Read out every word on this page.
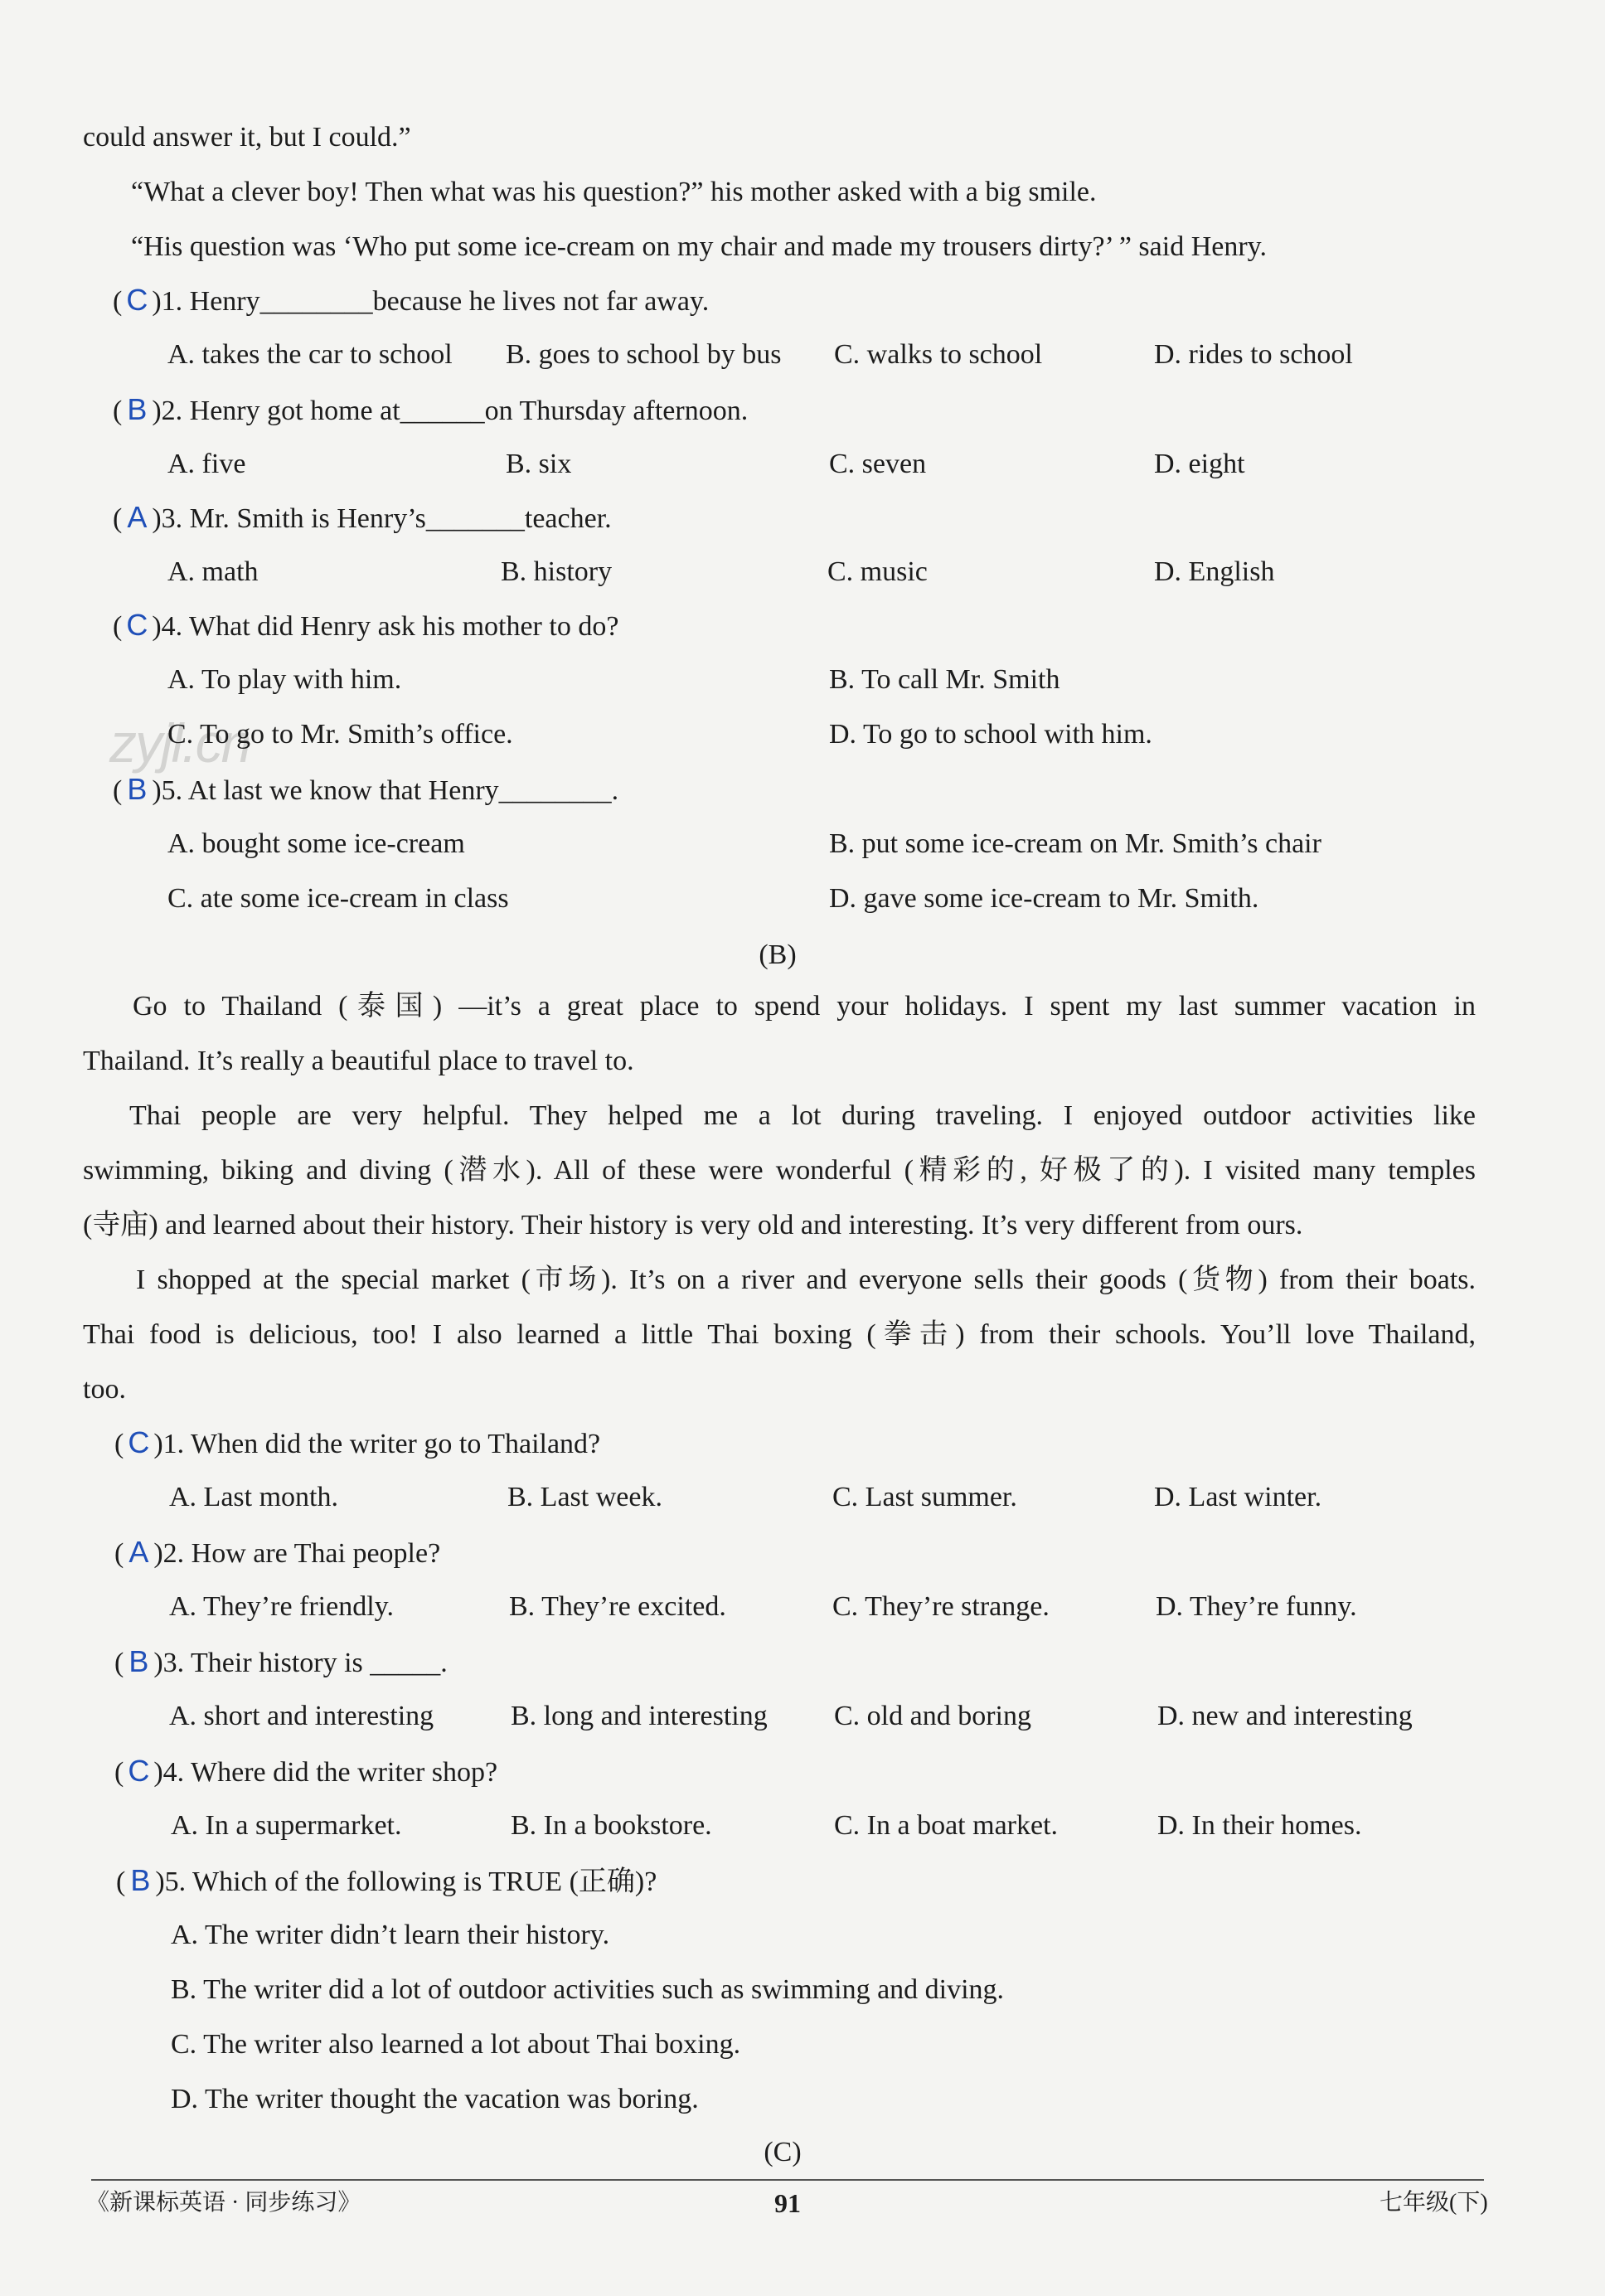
zyjl.cn
could answer it, but I could.”
“What a clever boy! Then what was his question?” his mother asked with a big smile.
“His question was ‘Who put some ice-cream on my chair and made my trousers dirty?’ ” said Henry.
( C )1. Henry________because he lives not far away.
A. takes the car to school B. goes to school by bus C. walks to school	D. rides to school
( B )2. Henry got home at______on Thursday afternoon.
A. five	B. six	C. seven	D. eight
( A )3. Mr. Smith is Henry’s_______teacher.
A. math	B. history	C. music	D. English
( C )4. What did Henry ask his mother to do?
A. To play with him.	B. To call Mr. Smith
C. To go to Mr. Smith’s office.	D. To go to school with him.
( B )5. At last we know that Henry________.
A. bought some ice-cream	B. put some ice-cream on Mr. Smith’s chair
C. ate some ice-cream in class	D. gave some ice-cream to Mr. Smith.
(B)
Go to Thailand (泰国) —it’s a great place to spend your holidays. I spent my last summer vacation in
Thailand. It’s really a beautiful place to travel to.
Thai people are very helpful. They helped me a lot during traveling. I enjoyed outdoor activities like
swimming, biking and diving (潜水). All of these were wonderful (精彩的, 好极了的). I visited many temples
(寺庙) and learned about their history. Their history is very old and interesting. It’s very different from ours.
I shopped at the special market (市场). It’s on a river and everyone sells their goods (货物) from their boats.
Thai food is delicious, too! I also learned a little Thai boxing (拳击) from their schools. You’ll love Thailand,
too.
( C )1. When did the writer go to Thailand?
A. Last month.	B. Last week.	C. Last summer.	D. Last winter.
( A )2. How are Thai people?
A. They’re friendly.	B. They’re excited.	C. They’re strange.	D. They’re funny.
( B )3. Their history is _____.
A. short and interesting	B. long and interesting C. old and boring	D. new and interesting
( C )4. Where did the writer shop?
A. In a supermarket.	B. In a bookstore.	C. In a boat market.	D. In their homes.
( B )5. Which of the following is TRUE (正确)?
A. The writer didn’t learn their history.
B. The writer did a lot of outdoor activities such as swimming and diving.
C. The writer also learned a lot about Thai boxing.
D. The writer thought the vacation was boring.
(C)
《新课标英语 · 同步练习》	91	七年级(下)
